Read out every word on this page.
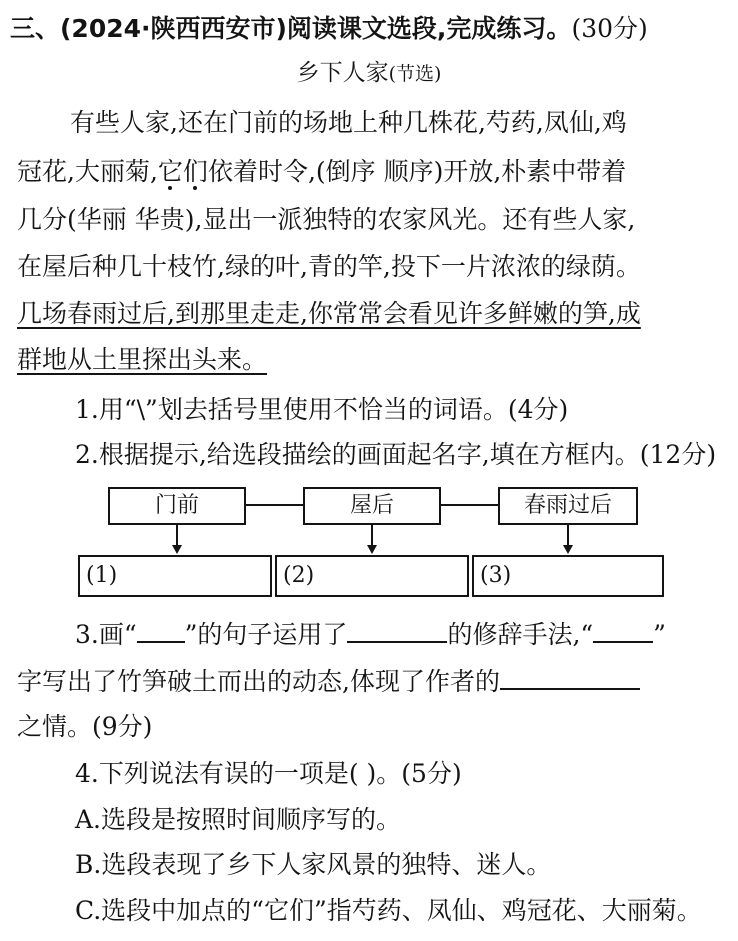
三、(2024·陕西西安市)阅读课文选段,完成练习。(30分)
乡下人家(节选)
有些人家,还在门前的场地上种几株花,芍药,凤仙,鸡
冠花,大丽菊,它们依着时令,(倒序 顺序)开放,朴素中带着
几分(华丽 华贵),显出一派独特的农家风光。还有些人家,
在屋后种几十枝竹,绿的叶,青的竿,投下一片浓浓的绿荫。
几场春雨过后,到那里走走,你常常会看见许多鲜嫩的笋,成
群地从土里探出头来。
1.用“\”划去括号里使用不恰当的词语。(4分)
2.根据提示,给选段描绘的画面起名字,填在方框内。(12分)
门前	屋后	春雨过后
(1)	(2)	(3)
3.画“ ”的句子运用了	的修辞手法,“ ”
字写出了竹笋破土而出的动态,体现了作者的
之情。(9分)
4.下列说法有误的一项是( )。(5分)
A.选段是按照时间顺序写的。
B.选段表现了乡下人家风景的独特、迷人。
C.选段中加点的“它们”指芍药、凤仙、鸡冠花、大丽菊。
